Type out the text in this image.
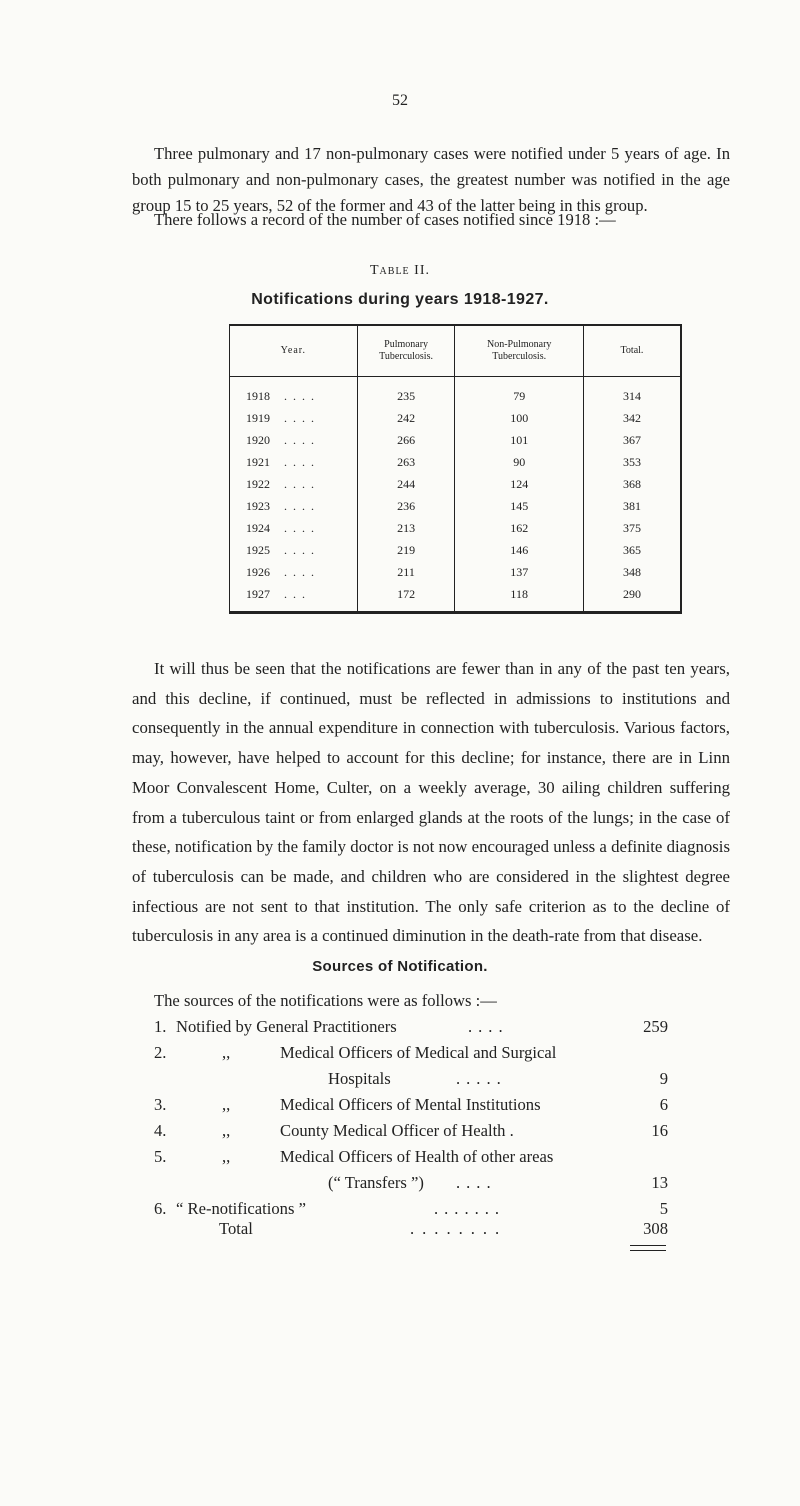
52

Three pulmonary and 17 non-pulmonary cases were notified under 5 years of age. In both pulmonary and non-pulmonary cases, the greatest number was notified in the age group 15 to 25 years, 52 of the former and 43 of the latter being in this group.

There follows a record of the number of cases notified since 1918 :—

Table II.
Notifications during years 1918-1927.
Year.	Pulmonary Tuberculosis.	Non-Pulmonary Tuberculosis.	Total.
1918 ....	235	79	314
1919 ....	242	100	342
1920 ....	266	101	367
1921 ....	263	90	353
1922 ....	244	124	368
1923 ....	236	145	381
1924 ....	213	162	375
1925 ....	219	146	365
1926 ....	211	137	348
1927 ...	172	118	290

It will thus be seen that the notifications are fewer than in any of the past ten years, and this decline, if continued, must be reflected in admissions to institutions and consequently in the annual expenditure in connection with tuberculosis. Various factors, may, however, have helped to account for this decline; for instance, there are in Linn Moor Convalescent Home, Culter, on a weekly average, 30 ailing children suffering from a tuberculous taint or from enlarged glands at the roots of the lungs; in the case of these, notification by the family doctor is not now encouraged unless a definite diagnosis of tuberculosis can be made, and children who are considered in the slightest degree infectious are not sent to that institution. The only safe criterion as to the decline of tuberculosis in any area is a continued diminution in the death-rate from that disease.

Sources of Notification.
The sources of the notifications were as follows :—
1. Notified by General Practitioners	....	259
2.	,,	Medical Officers of Medical and Surgical
Hospitals	.....	9
3.	,,	Medical Officers of Mental Institutions	6
4.	,,	County Medical Officer of Health .	16
5.	,,	Medical Officers of Health of other areas
(“ Transfers ”) ....	13
6. “ Re-notifications ”	.......	5
Total	........	308
